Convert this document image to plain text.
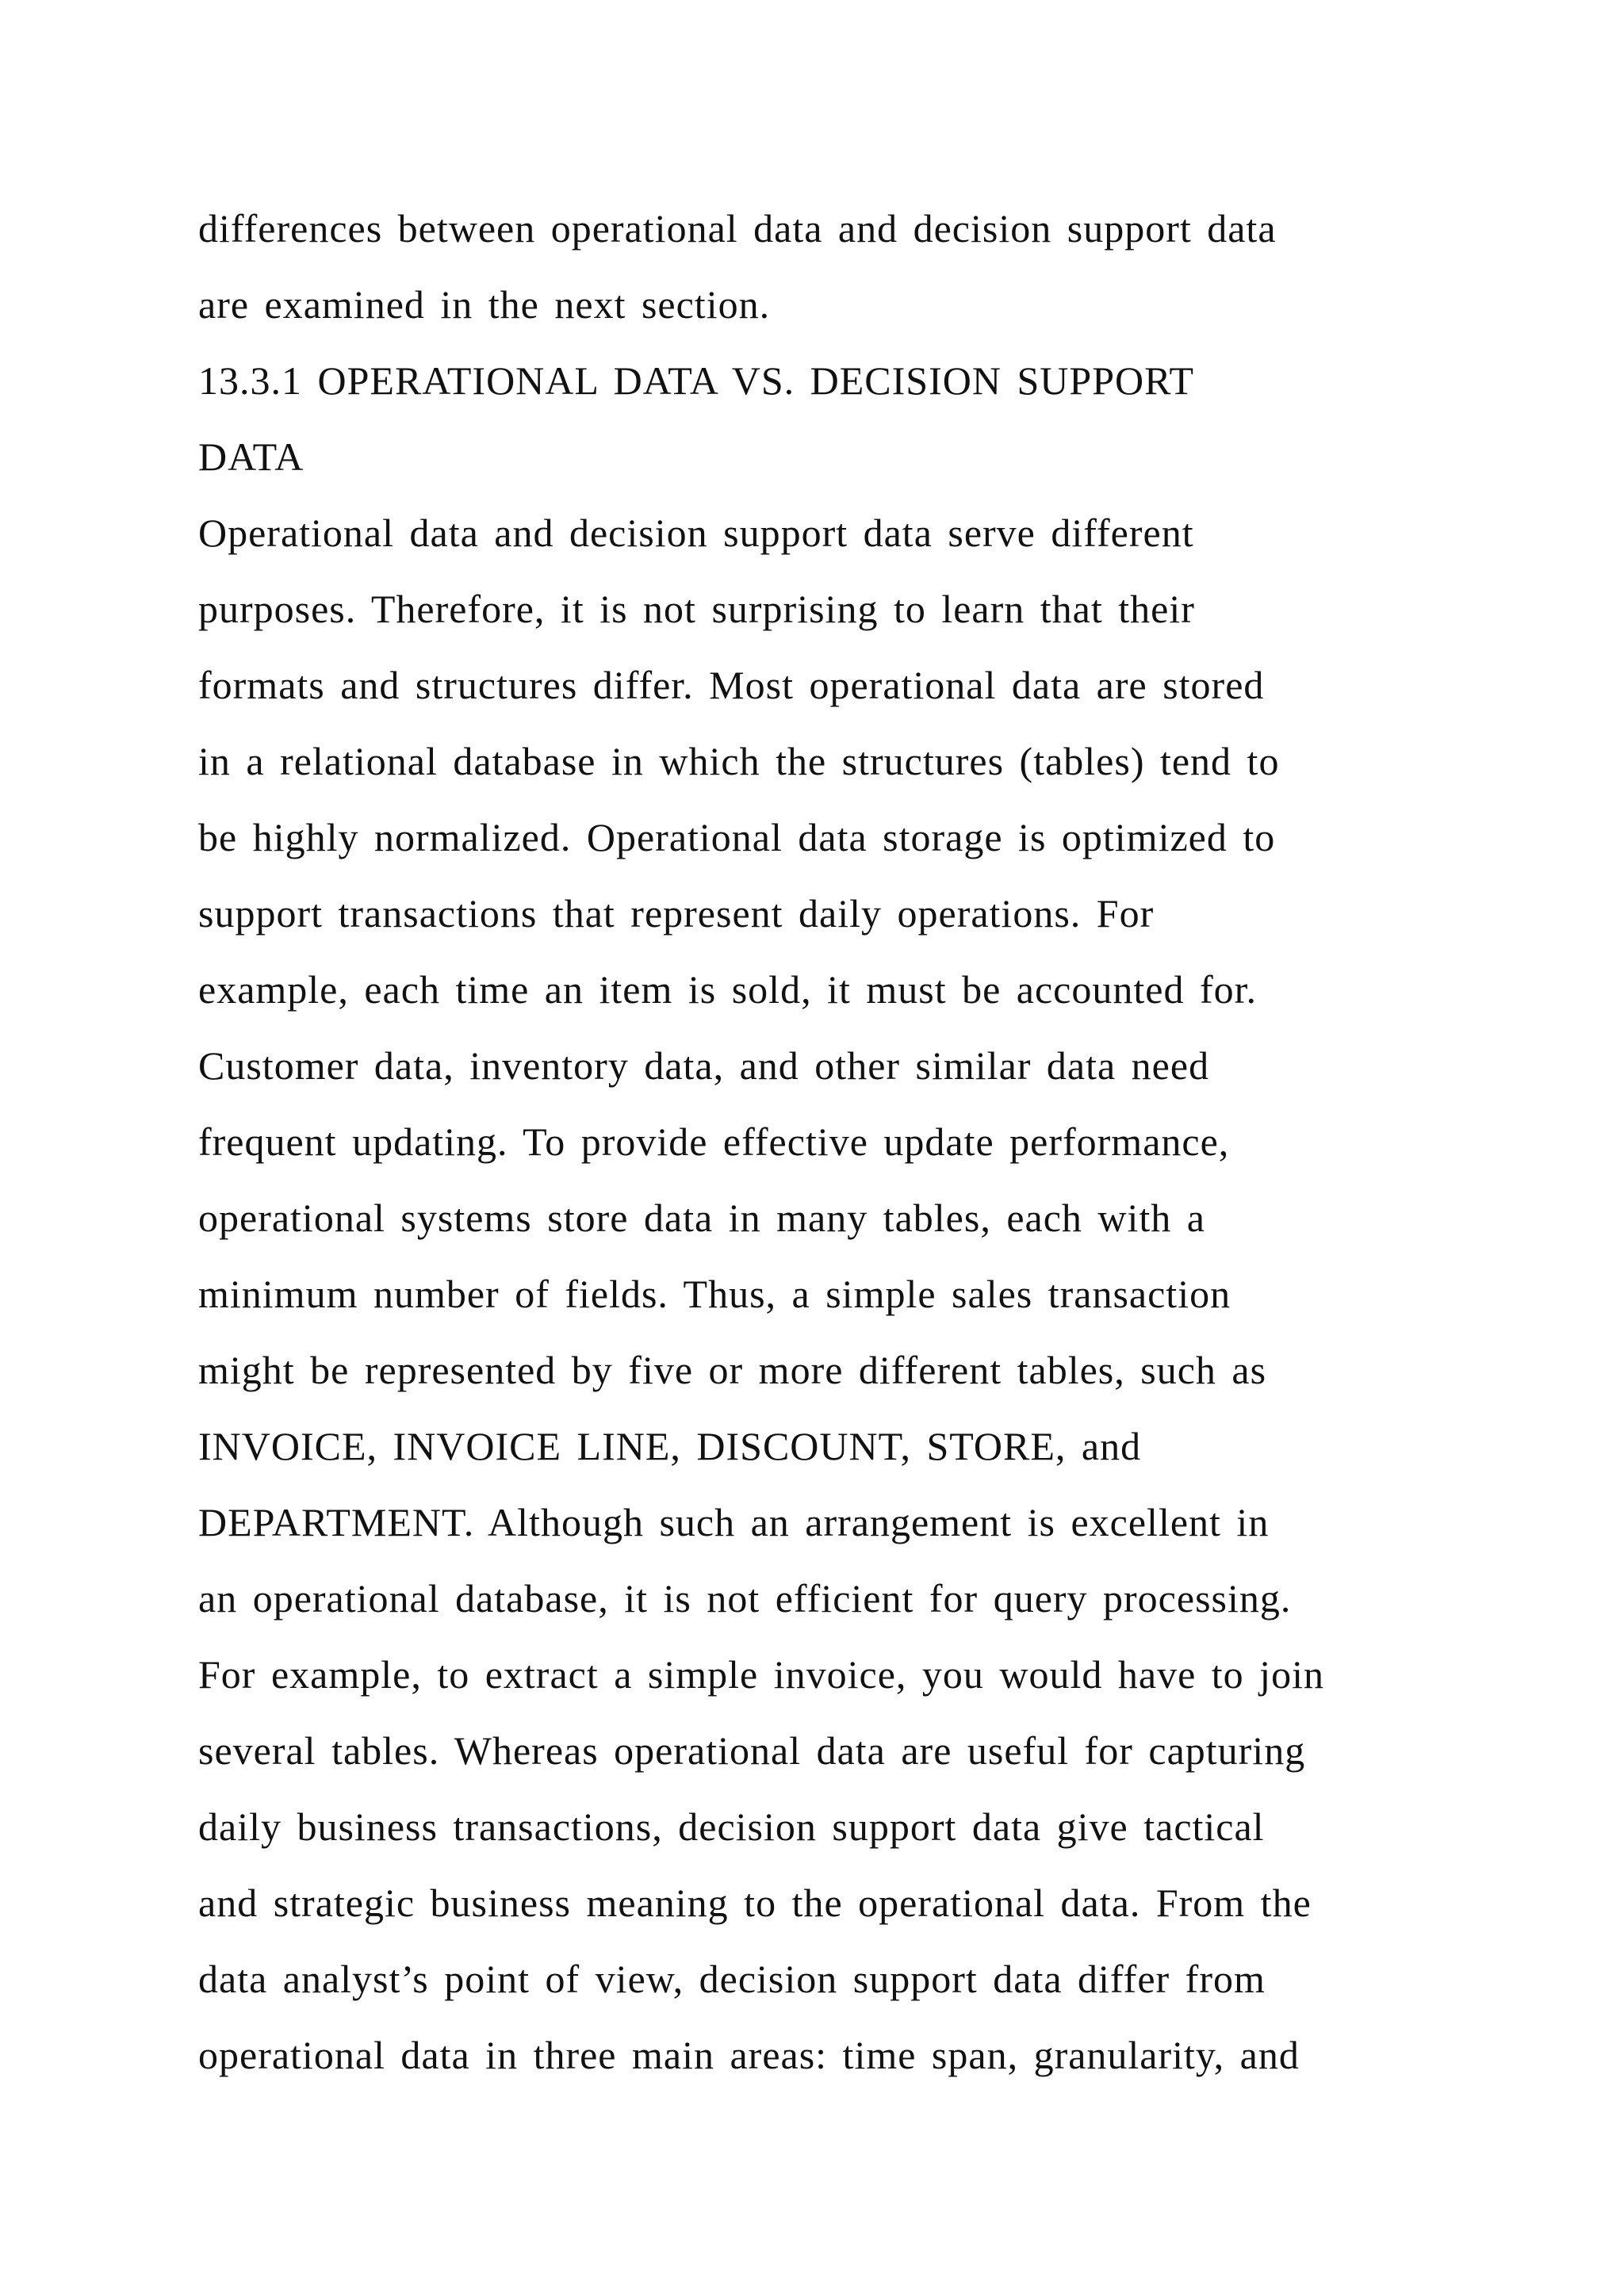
differences between operational data and decision support data
are examined in the next section.
13.3.1 OPERATIONAL DATA VS. DECISION SUPPORT
DATA
Operational data and decision support data serve different
purposes. Therefore, it is not surprising to learn that their
formats and structures differ. Most operational data are stored
in a relational database in which the structures (tables) tend to
be highly normalized. Operational data storage is optimized to
support transactions that represent daily operations. For
example, each time an item is sold, it must be accounted for.
Customer data, inventory data, and other similar data need
frequent updating. To provide effective update performance,
operational systems store data in many tables, each with a
minimum number of fields. Thus, a simple sales transaction
might be represented by five or more different tables, such as
INVOICE, INVOICE LINE, DISCOUNT, STORE, and
DEPARTMENT. Although such an arrangement is excellent in
an operational database, it is not efficient for query processing.
For example, to extract a simple invoice, you would have to join
several tables. Whereas operational data are useful for capturing
daily business transactions, decision support data give tactical
and strategic business meaning to the operational data. From the
data analyst’s point of view, decision support data differ from
operational data in three main areas: time span, granularity, and
